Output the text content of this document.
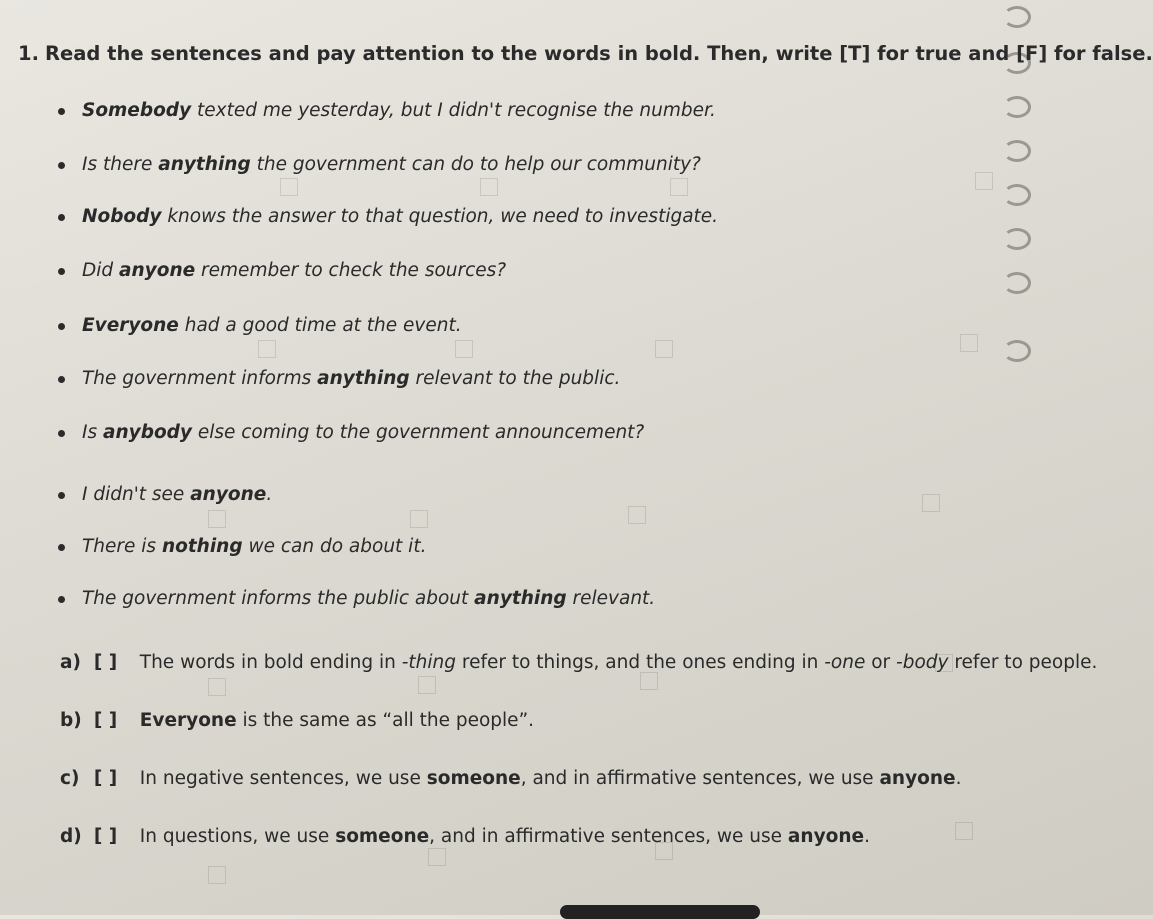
1. Read the sentences and pay attention to the words in bold. Then, write [T] for true and [F] for false.
Somebody texted me yesterday, but I didn't recognise the number.
Is there anything the government can do to help our community?
Nobody knows the answer to that question, we need to investigate.
Did anyone remember to check the sources?
Everyone had a good time at the event.
The government informs anything relevant to the public.
Is anybody else coming to the government announcement?
I didn't see anyone.
There is nothing we can do about it.
The government informs the public about anything relevant.
a) [ ] The words in bold ending in -thing refer to things, and the ones ending in -one or -body refer to people.
b) [ ] Everyone is the same as “all the people”.
c) [ ] In negative sentences, we use someone, and in affirmative sentences, we use anyone.
d) [ ] In questions, we use someone, and in affirmative sentences, we use anyone.
